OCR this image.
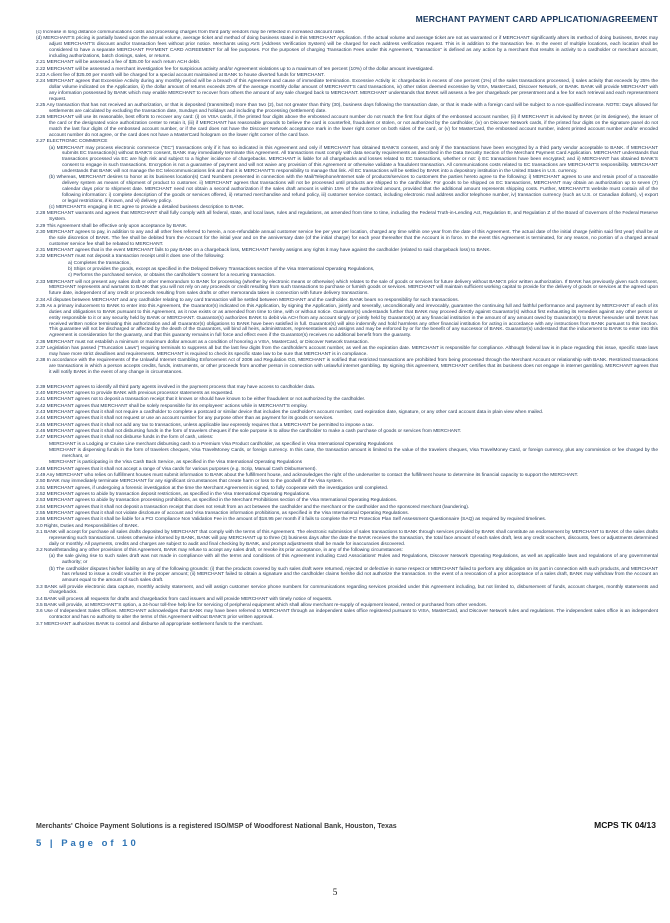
MERCHANT PAYMENT CARD APPLICATION/AGREEMENT
(c) Increase in long distance communications costs and processing charges from third party vendors may be reflected in increased discount rates.
(d) MERCHANT'S pricing is partially based upon the annual volume, average ticket and method of doing business stated in this MERCHANT Application. If the actual volume and average ticket are not as warranted or if MERCHANT significantly alters its method of doing business, BANK may adjust MERCHANT'S discount and/or transaction fees without prior notice. Merchants using AVS (Address Verification System) will be charged for each address verification request. This is in addition to the transaction fee. In the event of multiple locations, each location shall be considered to have a separate MERCHANT PAYMENT CARD AGREEMENT for all fee purposes. For the purposes of charging Transaction Fees under this Agreement, “transaction” is defined as any action by a merchant that results in activity to a cardholder or merchant account, including authorizations, batch closings, sales, or returns.
2.21 MERCHANT will be assessed a fee of $35.00 for each return ACH debit.
2.22 MERCHANT will be assessed a merchant investigation fee for suspicious activity and/or Agreement violations up to a maximum of ten percent (10%) of the dollar amount investigated.
2.23 A client fee of $25.00 per month will be charged for a special account maintained at BANK to house diverted funds for MERCHANT.
2.24 MERCHANT agrees that Excessive Activity during any monthly period will be a breach of this Agreement and cause of immediate termination. Excessive Activity is: chargebacks in excess of one percent (1%) of the sales transactions processed, i) sales activity that exceeds by 25% the dollar volume indicated on the Application, ii) the dollar amount of returns exceeds 20% of the average monthly dollar amount of MERCHANT'S card transactions, iv) other ratios deemed excessive by VISA, MasterCard, Discover Network, or BANK. BANK will provide MERCHANT with any information possessed by BANK which may enable MERCHANT to recover from others the amount of any sale charged back to MERCHANT. MERCHANT understands that BANK will assess a fee per chargeback per presentment and a fee for each retrieval and each representment request.
2.25 Any transaction that has not received an authorization, or that is deposited (transmitted) more than two (2), but not greater than thirty (30), business days following the transaction date, or that is made with a foreign card will be subject to a non-qualified increase. NOTE: Days allowed for settlements are calculated by excluding the transaction date, Sundays and holidays and including the processing (settlement) date.
2.26 MERCHANT will use its reasonable, best efforts to recover any card: (i) on VISA cards, if the printed four digits above the embossed account number do not match the first four digits of the embossed account number, (ii) if MERCHANT is advised by BANK (or its designee), the issuer of the card or the designated voice authorization center to retain it, (iii) if MERCHANT has reasonable grounds to believe the card is counterfeit, fraudulent or stolen, or not authorized by the cardholder, (iv) on Discover Network cards, if the printed four digits on the signature panel do not match the last four digits of the embossed account number, or if the card does not have the Discover Network acceptance mark in the lower right corner on both sides of the card, or (v) for MasterCard, the embossed account number, indent printed account number and/or encoded account number do not agree, or the card does not have a MasterCard hologram on the lower right corner of the card face.
2.27 ELECTRONIC COMMERCE
(a) MERCHANT may process electronic commerce (“EC”) transactions only if it has so indicated in this Agreement and only if MERCHANT has obtained BANK'S consent, and only if the transactions have been encrypted by a third party vendor acceptable to BANK. If MERCHANT submits EC transaction(s) without BANK'S consent, BANK may immediately terminate this Agreement. All transactions must comply with data security requirements as described in the Data Security Section of the Merchant Payment Card Application. MERCHANT understands that transactions processed via EC are high risk and subject to a higher incidence of chargebacks. MERCHANT is liable for all chargebacks and losses related to EC transactions, whether or not: i) EC transactions have been encrypted; and ii) MERCHANT has obtained BANK'S consent to engage in such transactions. Encryption is not a guarantee of payment and will not waive any provision of this Agreement or otherwise validate a fraudulent transaction. All communications costs related to EC transactions are MERCHANT'S responsibility. MERCHANT understands that BANK will not manage the EC telecommunications link and that it is MERCHANT'S responsibility to manage that link. All EC transactions will be settled by BANK into a depository institution in the United States in U.S. currency.
(b) Whereas, MERCHANT desires to honor at its business location(s) Card Numbers presented in connection with the Mail/Telephone/Internet sale of products/services to customers the parties hereto agree to the following: i) MERCHANT agrees to use and retain proof of a traceable delivery system as means of shipment of product to customer. ii) MERCHANT agrees that transactions will not be processed until products are shipped to the cardholder. For goods to be shipped on EC transactions, MERCHANT may obtain an authorization up to seven (7) calendar days prior to shipment date. MERCHANT need not obtain a second authorization if the sales draft amount is within 15% of the authorized amount, provided that the additional amount represents shipping costs. Further, MERCHANT'S website must contain all of the following information: i) complete description of the goods or services offered, ii) returned merchandise and refund policy, iii) customer service contact, including electronic mail address and/or telephone number, iv) transaction currency (such as U.S. or Canadian dollars), v) export or legal restrictions, if known, and vi) delivery policy.
(c) MERCHANTS engaging in EC agree to provide a detailed business description to BANK.
2.28 MERCHANT warrants and agrees that MERCHANT shall fully comply with all federal, state, and local laws, rules and regulations, as amended from time to time, including the Federal Truth-in-Lending Act, Regulation E, and Regulation Z of the Board of Governors of the Federal Reserve System.
2.29 This Agreement shall be effective only upon acceptance by BANK.
2.30 MERCHANT agrees to pay, in addition to any and all other fees referred to herein, a non-refundable annual customer service fee per year per location, charged any time within one year from the date of this Agreement. The actual date of the initial charge (within said first year) shall be at the sole discretion of BANK. The fee shall be debited from the Account for the initial year and on the anniversary date (of the initial charge) for each year thereafter that the Account is in force. In the event this Agreement is terminated, for any reason, no portion of a charged annual customer service fee shall be rebated to MERCHANT.
2.31 MERCHANT agrees that in the event MERCHANT fails to pay BANK on a chargeback loss, MERCHANT hereby assigns any rights it may have against the cardholder (related to said chargeback loss) to BANK.
2.32 MERCHANT must not deposit a transaction receipt until it does one of the following:
a) Completes the transaction,
b) Ships or provides the goods, except as specified in the Delayed Delivery Transactions section of the Visa International Operating Regulations,
c) Performs the purchased service, or obtains the cardholder's consent for a recurring transaction.
2.33 MERCHANT will not present any sales draft or other memorandum to BANK for processing (whether by electronic means or otherwise) which relates to the sale of goods or services for future delivery without BANK'S prior written authorization. If BANK has previously given such consent, MERCHANT represents and warrants to BANK that you will not rely on any proceeds or credit resulting from such transactions to purchase or furnish goods or services. MERCHANT will maintain sufficient working capital to provide for the delivery of goods or services at the agreed upon future date, independent of any credit or proceeds resulting from sales drafts or other memoranda taken in connection with future delivery transactions.
2.34 All disputes between MERCHANT and any cardholder relating to any card transaction will be settled between MERCHANT and the cardholder. BANK bears no responsibility for such transactions.
2.35 As a primary inducement to BANK to enter into this Agreement, the Guarantor(s) indicated on this Application, by signing the Application, jointly and severally, unconditionally and irrevocably, guarantee the continuing full and faithful performance and payment by MERCHANT of each of its duties and obligations to BANK pursuant to this Agreement, as it now exists or as amended from time to time, with or without notice. Guarantor(s) understands further that BANK may proceed directly against Guarantor(s) without first exhausting its remedies against any other person or entity responsible to it or any security held by BANK or MERCHANT. Guarantor(s) authorizes BANK to debit via ACH from any account singly or jointly held by Guarantor(s) at any financial institution in the amount of any amount owed by Guarantor(s) to BANK hereunder until BANK has received written notice terminating this authorization and all Guarantor(s) obligations to BANK have been satisfied in full. Guarantor(s) will also indemnify and hold harmless any other financial institution for acting in accordance with any instructions from BANK pursuant to this Section. This guarantee will not be discharged or affected by the death of the Guarantors, will bind all heirs, administrators, representatives and assigns and may be enforced by or for the benefit of any successor of BANK. Guarantor(s) understand that the inducement to BANK to enter into this Agreement is consideration for the guaranty, and that this guaranty remains in full force and effect even if the Guarantor(s) receives no additional benefit from the guaranty.
2.36 MERCHANT must not establish a minimum or maximum dollar amount as a condition of honoring a VISA, MasterCard, or Discover Network transaction.
2.37 Legislation has passed (“Truncation Laws”) requiring terminals to suppress all but the last few digits from the cardholder's account number, as well as the expiration date. MERCHANT is responsible for compliance. Although federal law is in place regarding this issue, specific state laws may have more strict deadlines and requirements. MERCHANT is required to check its specific state law to be sure that MERCHANT is in compliance.
2.38 In accordance with the requirements of the Unlawful Internet Gambling Enforcement Act of 2006 and Regulation GG, MERCHANT is notified that restricted transactions are prohibited from being processed through the Merchant Account or relationship with BANK. Restricted transactions are transactions in which a person accepts credits, funds, instruments, or other proceeds from another person in connection with unlawful internet gambling. By signing this agreement, MERCHANT certifies that its business does not engage in internet gambling. MERCHANT agrees that it will notify BANK in the event of any change in circumstances.
2.39 MERCHANT agrees to identify all third party agents involved in the payment process that may have access to cardholder data.
2.40 MERCHANT agrees to provide BANK with previous processor statements as requested.
2.41 MERCHANT agrees not to deposit a transaction receipt that it knows or should have known to be either fraudulent or not authorized by the cardholder.
2.42 MERCHANT agrees that MERCHANT shall be solely responsible for its employees' actions while in MERCHANT'S employ.
2.43 MERCHANT agrees that it shall not require a cardholder to complete a postcard or similar device that includes the cardholder's account number, card expiration date, signature, or any other card account data in plain view when mailed.
2.44 MERCHANT agrees that it shall not request or use an account number for any purpose other than as payment for its goods or services.
2.45 MERCHANT agrees that it shall not add any tax to transactions, unless applicable law expressly requires that a MERCHANT be permitted to impose a tax.
2.46 MERCHANT agrees that it shall not disbursing funds in the form of travelers cheques if the sole purpose is to allow the cardholder to make a cash purchase of goods or services from MERCHANT.
2.47 MERCHANT agrees that it shall not disburse funds in the form of cash, unless:
MERCHANT is a Lodging or Cruise Line merchant disbursing cash to a Premium Visa Product cardholder, as specified in Visa International Operating Regulations
MERCHANT is dispensing funds in the form of travelers cheques, Visa TravelMoney Cards, or foreign currency. In this case, the transaction amount is limited to the value of the travelers cheques, Visa TravelMoney Card, or foreign currency, plus any commission or fee charged by the merchant, or
MERCHANT is participating in the Visa Cash Back Service, as specified in the Visa International Operating Regulations
2.48 MERCHANT agrees that it shall not accept a range of Visa cards for various purposes (e.g. Scrip, Manual Cash Disbursement).
2.49 Any MERCHANT who relies on fulfillment houses must submit information to BANK about the fulfillment house, and acknowledges the right of the underwriter to contact the fulfillment house to determine its financial capacity to support the MERCHANT.
2.50 BANK may immediately terminate MERCHANT for any significant circumstances that create harm or loss to the goodwill of the Visa system.
2.51 MERCHANT agrees, if undergoing a forensic investigation at the time the Merchant Agreement is signed, to fully cooperate with the investigation until completed.
2.52 MERCHANT agrees to abide by transaction deposit restrictions, as specified in the Visa International Operating Regulations.
2.53 MERCHANT agrees to abide by transaction processing prohibitions, as specified in the Merchant Prohibitions section of the Visa International Operating Regulations.
2.54 MERCHANT agrees that it shall not deposit a transaction receipt that does not result from an act between the cardholder and the merchant or the cardholder and the sponsored merchant (laundering).
2.55 MERCHANT agrees that it shall not violate disclosure of account and Visa transaction information prohibitions, as specified in the Visa International Operating Regulations.
2.56 MERCHANT agrees that it shall be liable for a PCI Compliance Non Validation Fee in the amount of $18.95 per month if it fails to complete the PCI Protection Plan Self Assessment Questionnaire (SAQ) as required by required timelines.
3.0 Rights, Duties and Responsibilities of BANK.
3.1 BANK will accept for purchase all sales drafts deposited by MERCHANT that comply with the terms of this Agreement. The electronic submission of sales transactions to BANK through services provided by BANK shall constitute an endorsement by MERCHANT to BANK of the sales drafts representing such transactions. Unless otherwise informed by BANK, BANK will pay MERCHANT up to three (3) business days after the date the BANK receives the transaction, the total face amount of each sales draft, less any credit vouchers, discounts, fees or adjustments determined daily or monthly. All payments, credits and charges are subject to audit and final checking by BANK, and prompt adjustments shall be made for inaccuracies discovered.
3.2 Notwithstanding any other provisions of this Agreement, BANK may refuse to accept any sales draft, or revoke its prior acceptance, in any of the following circumstances:
(a) the sale giving rise to such sales draft was not made in compliance with all the terms and conditions of this Agreement including Card Associations' Rules and Regulations, Discover Network Operating Regulations, as well as applicable laws and regulations of any governmental authority; or
(b) The cardholder disputes his/her liability on any of the following grounds: (i) that the products covered by such sales draft were returned, rejected or defective in some respect or MERCHANT failed to perform any obligation on its part in connection with such products, and MERCHANT has refused to issue a credit voucher in the proper amount; (ii) MERCHANT failed to obtain a signature and the cardholder claims he/she did not authorize the transaction. In the event of a revocation of a prior acceptance of a sales draft, BANK may withdraw from the Account an amount equal to the amount of such sales draft.
3.3 BANK will provide electronic data capture, monthly activity statement, and will assign customer service phone numbers for communications regarding services provided under this Agreement including, but not limited to, disbursement of funds, account charges, monthly statements and chargebacks.
3.4 BANK will process all requests for drafts and chargebacks from card issuers and will provide MERCHANT with timely notice of requests.
3.5 BANK will provide, at MERCHANT'S option, a 24-hour toll-free help line for servicing of peripheral equipment which shall allow merchant re-supply of equipment leased, rented or purchased from other vendors.
3.6 Use of Independent Sales Offices. MERCHANT acknowledges that BANK may have been referred to MERCHANT through an independent sales office registered pursuant to VISA, MasterCard, and Discover Network rules and regulations. The independent sales office is an independent contractor and has no authority to alter the terms of this Agreement without BANK'S prior written approval.
3.7 MERCHANT authorizes BANK to control and disburse all appropriate settlement funds to the merchant.
Merchants' Choice Payment Solutions is a registered ISO/MSP of Woodforest National Bank, Houston, Texas	MCPS TK 04/13
5 | Page of 10
5
